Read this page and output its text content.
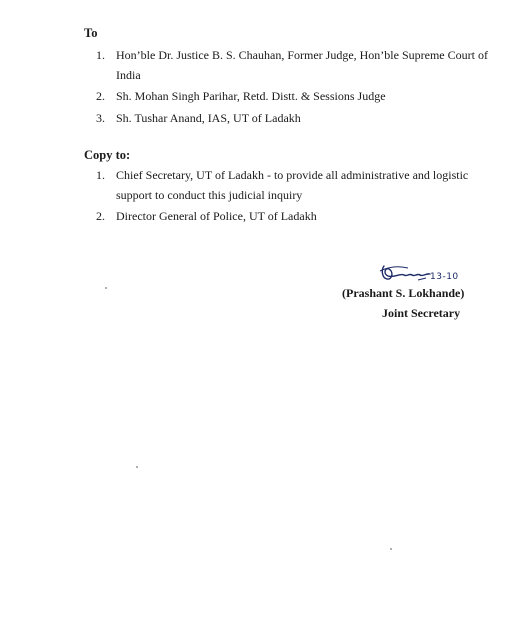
To
1. Hon’ble Dr. Justice B. S. Chauhan, Former Judge, Hon’ble Supreme Court of India
2. Sh. Mohan Singh Parihar, Retd. Distt. & Sessions Judge
3. Sh. Tushar Anand, IAS, UT of Ladakh
Copy to:
1. Chief Secretary, UT of Ladakh - to provide all administrative and logistic support to conduct this judicial inquiry
2. Director General of Police, UT of Ladakh
13-10
(Prashant S. Lokhande)
Joint Secretary
